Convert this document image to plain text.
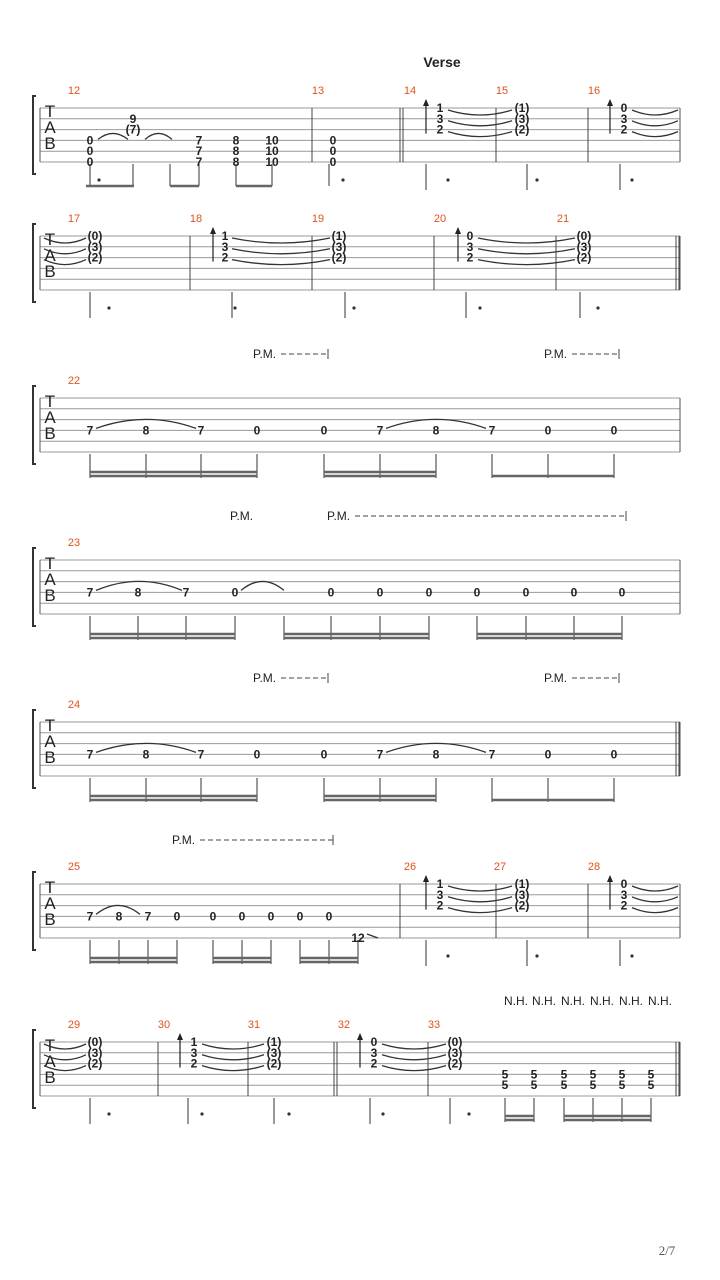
Verse
T
A
B
12	13	14	15	16
0
0
0
9
(7)
7
7
7
8
8
8
10
10
10
0
0
0
1
3
2
(1)
(3)
(2)
0
3
2
T
A
B
17	18	19	20	21
(0)
(3)
(2)
1
3
2
(1)
(3)
(2)
0
3
2
(0)
(3)
(2)
T
A
B
22
7	8	7	0	0	7	8	7	0	0
T
A
B
23
7	8	7	0	0	0	0	0	0	0	0
T
A
B
24
7	8	7	0	0	7	8	7	0	0
T
A
B
25	26	27	28
7 8 7 0 0 0 0 0 0
12
1
3
2
(1)
(3)
(2)
0
3
2
T
A
B
29	30	31	32	33
(0)
(3)
(2)
1
3
2
(1)
(3)
(2)
0
3
2
(0)
(3)
(2)
5
5
5
5
5
5
5
5
5
5
5
5
P.M.	P.M.
P.M.	P.M.
P.M.	P.M.
P.M.
N.H. N.H. N.H. N.H. N.H. N.H.
2/7
